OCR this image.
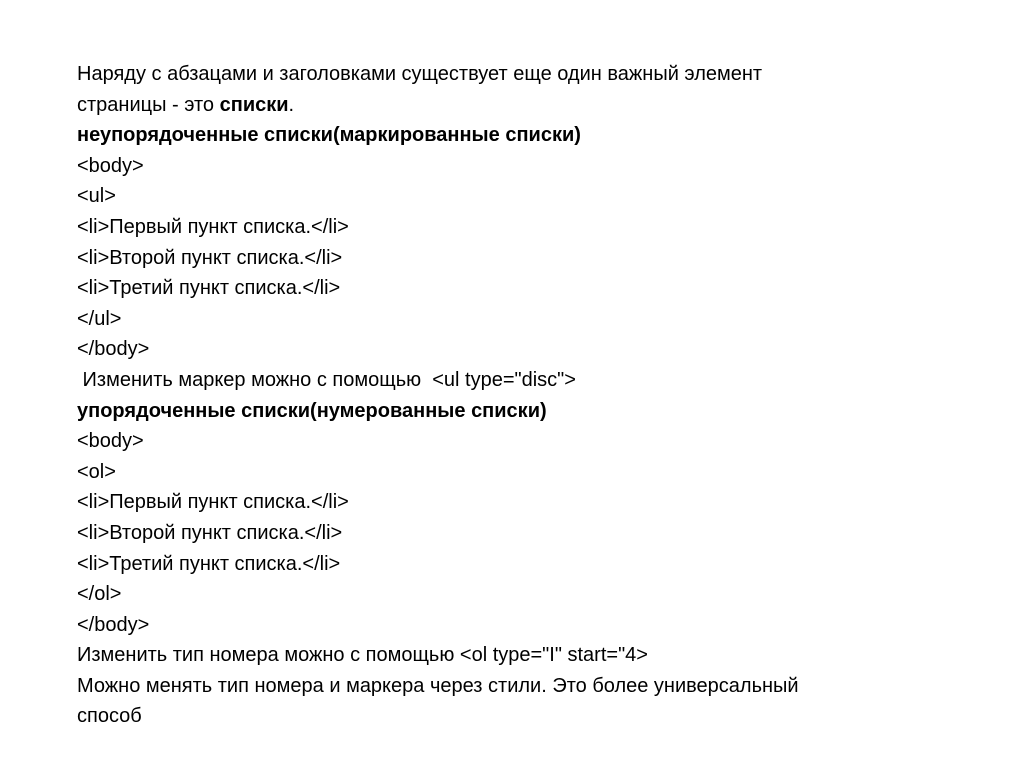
Наряду с абзацами и заголовками существует еще один важный элемент
страницы - это списки.
неупорядоченные списки(маркированные списки)
<body>
<ul>
<li>Первый пункт списка.</li>
<li>Второй пункт списка.</li>
<li>Третий пункт списка.</li>
</ul>
</body>
Изменить маркер можно с помощью  <ul type="disc">
упорядоченные списки(нумерованные списки)
<body>
<ol>
<li>Первый пункт списка.</li>
<li>Второй пункт списка.</li>
<li>Третий пункт списка.</li>
</ol>
</body>
Изменить тип номера можно с помощью <ol type="I" start="4>
Можно менять тип номера и маркера через стили. Это более универсальный
способ
